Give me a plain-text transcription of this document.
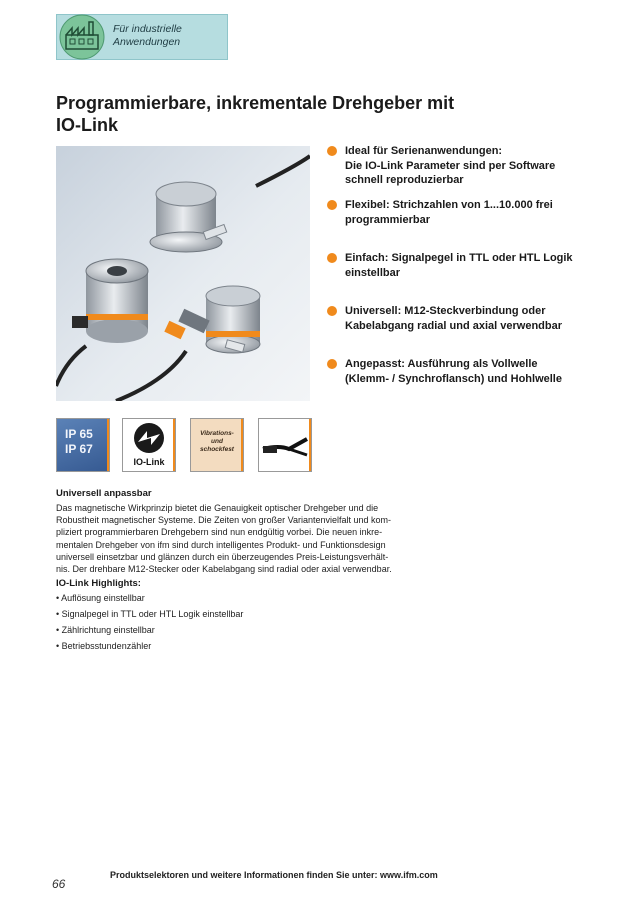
Für industrielle
Anwendungen
Programmierbare, inkrementale Drehgeber mit IO-Link
Ideal für Serienanwendungen:
Die IO-Link Parameter sind per Software
schnell reproduzierbar
Flexibel: Strichzahlen von 1...10.000 frei
programmierbar
Einfach: Signalpegel in TTL oder HTL Logik
einstellbar
Universell: M12-Steckverbindung oder
Kabelabgang radial und axial verwendbar
Angepasst: Ausführung als Vollwelle
(Klemm- / Synchroflansch) und Hohlwelle
IP 65
IP 67
IO-Link
Vibrations-
und
schockfest
Universell anpassbar
Das magnetische Wirkprinzip bietet die Genauigkeit optischer Drehgeber und die
Robustheit magnetischer Systeme. Die Zeiten von großer Variantenvielfalt und kom-
pliziert programmierbaren Drehgebern sind nun endgültig vorbei. Die neuen inkre-
mentalen Drehgeber von ifm sind durch intelligentes Produkt- und Funktionsdesign
universell einsetzbar und glänzen durch ein überzeugendes Preis-Leistungsverhält-
nis. Der drehbare M12-Stecker oder Kabelabgang sind radial oder axial verwendbar.
IO-Link Highlights:
• Auflösung einstellbar
• Signalpegel in TTL oder HTL Logik einstellbar
• Zählrichtung einstellbar
• Betriebsstundenzähler
Produktselektoren und weitere Informationen finden Sie unter: www.ifm.com
66
